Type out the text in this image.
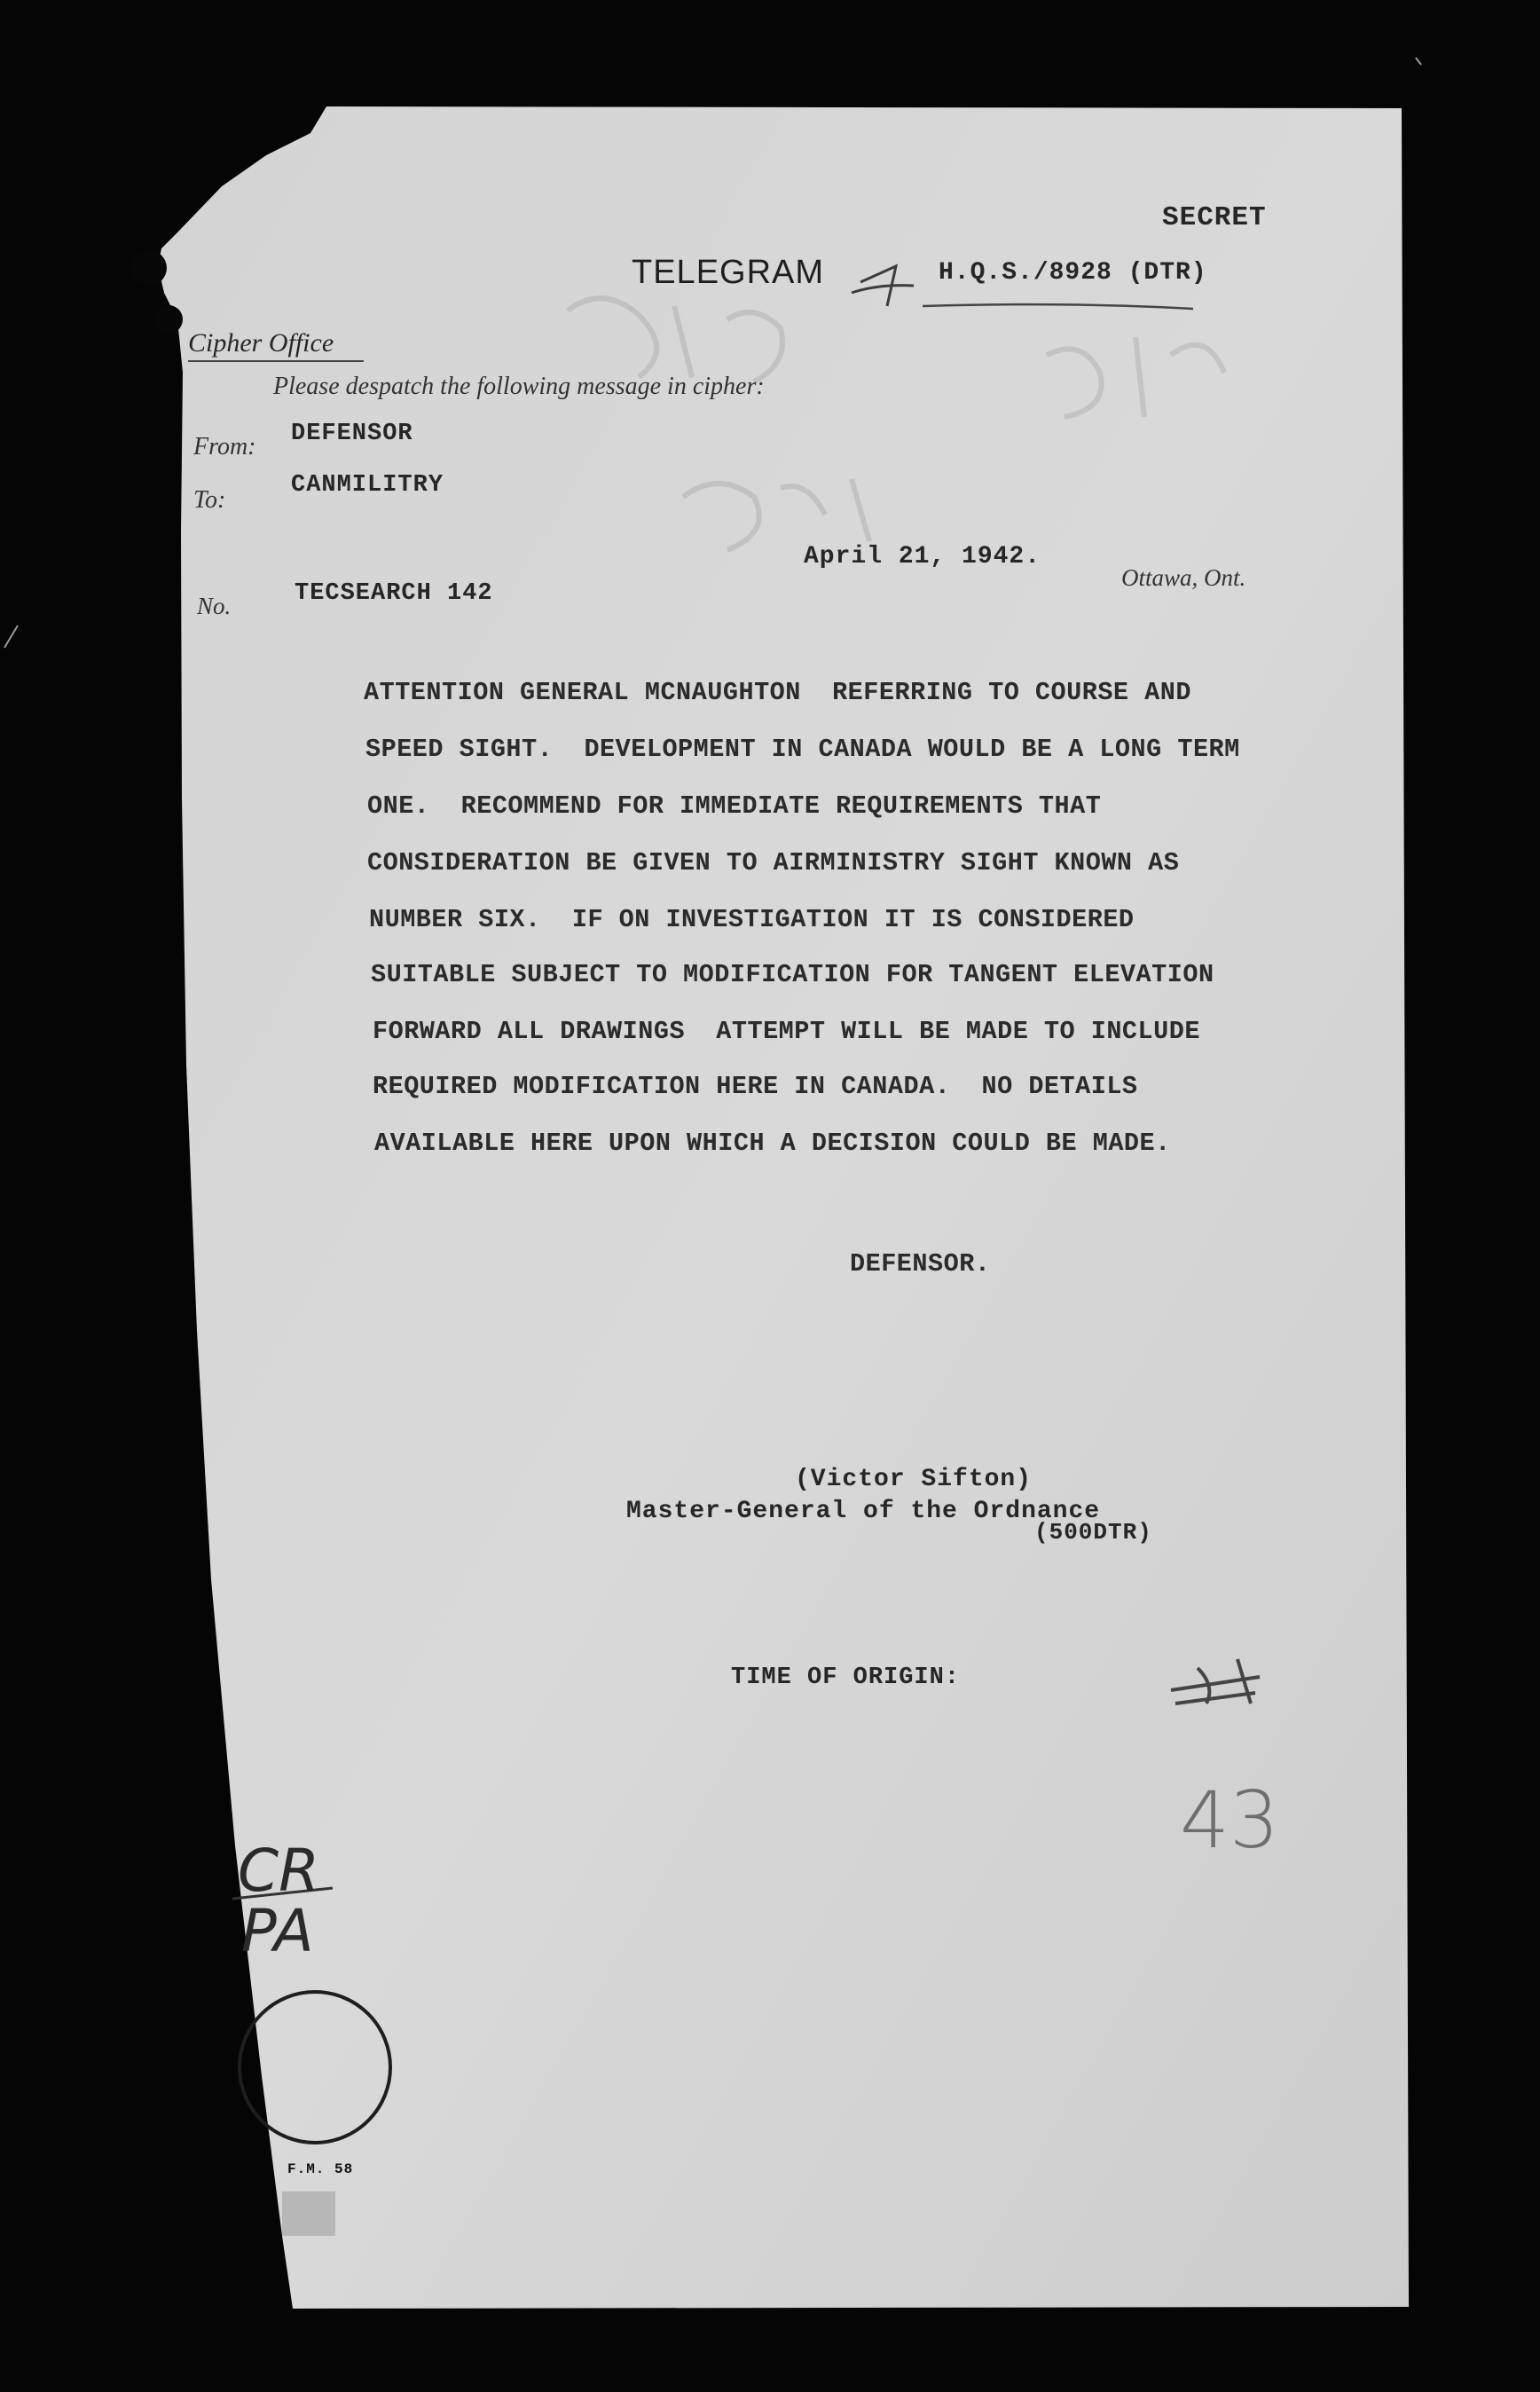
SECRET
TELEGRAM	H.Q.S./8928 (DTR)
Cipher Office
Please despatch the following message in cipher:
From: DEFENSOR
To:
CANMILITRY
April 21, 1942.
No.	TECSEARCH 142
Ottawa, Ont.
ATTENTION GENERAL MCNAUGHTON  REFERRING TO COURSE AND
SPEED SIGHT.  DEVELOPMENT IN CANADA WOULD BE A LONG TERM
ONE.  RECOMMEND FOR IMMEDIATE REQUIREMENTS THAT
CONSIDERATION BE GIVEN TO AIRMINISTRY SIGHT KNOWN AS
NUMBER SIX.  IF ON INVESTIGATION IT IS CONSIDERED
SUITABLE SUBJECT TO MODIFICATION FOR TANGENT ELEVATION
FORWARD ALL DRAWINGS  ATTEMPT WILL BE MADE TO INCLUDE
REQUIRED MODIFICATION HERE IN CANADA.  NO DETAILS
AVAILABLE HERE UPON WHICH A DECISION COULD BE MADE.
DEFENSOR.
(Victor Sifton)
Master-General of the Ordnance
(500DTR)
TIME OF ORIGIN:
43
CR
PA
F.M. 58
